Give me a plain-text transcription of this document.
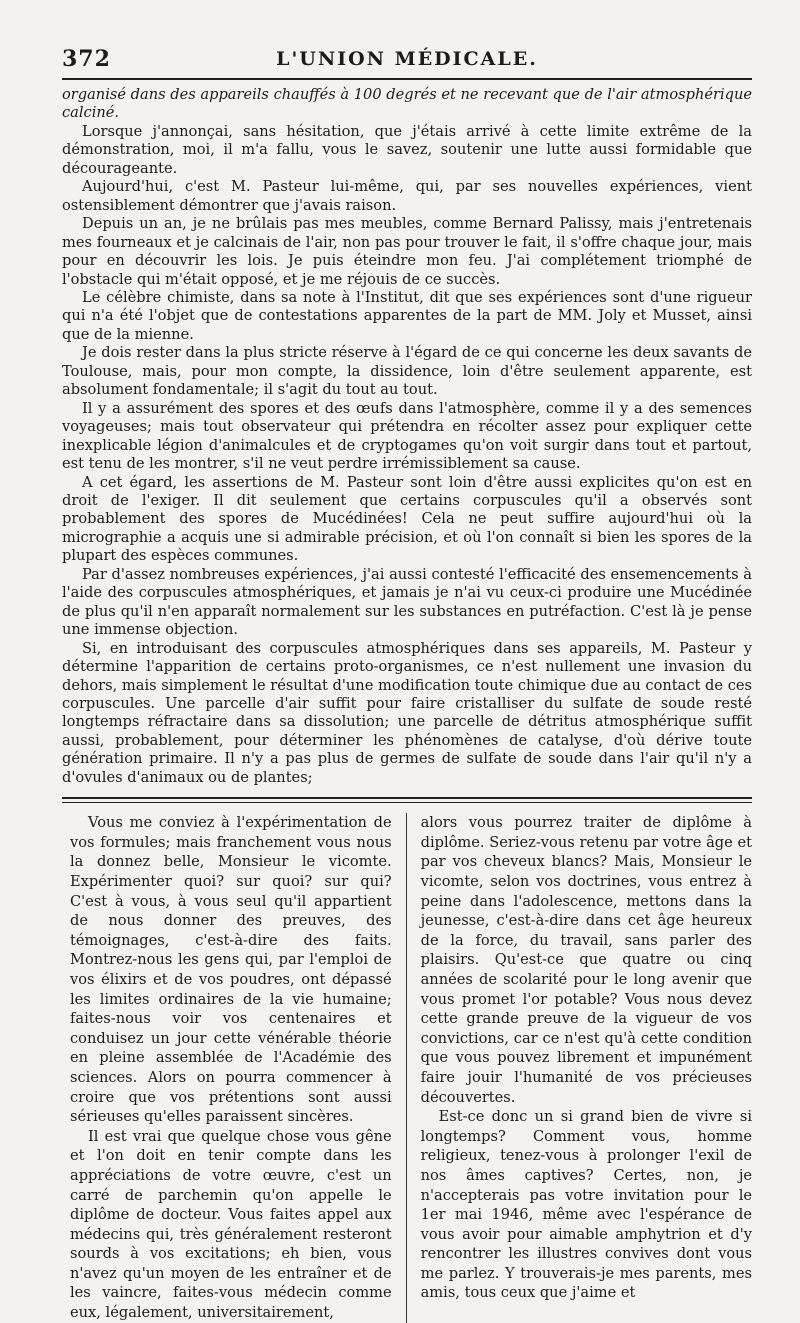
372	L'UNION MÉDICALE.

organisé dans des appareils chauffés à 100 degrés et ne recevant que de l'air atmosphérique calciné.

Lorsque j'annonçai, sans hésitation, que j'étais arrivé à cette limite extrême de la démonstration, moi, il m'a fallu, vous le savez, soutenir une lutte aussi formidable que décourageante.

Aujourd'hui, c'est M. Pasteur lui-même, qui, par ses nouvelles expériences, vient ostensiblement démontrer que j'avais raison.

Depuis un an, je ne brûlais pas mes meubles, comme Bernard Palissy, mais j'entretenais mes fourneaux et je calcinais de l'air, non pas pour trouver le fait, il s'offre chaque jour, mais pour en découvrir les lois. Je puis éteindre mon feu. J'ai complétement triomphé de l'obstacle qui m'était opposé, et je me réjouis de ce succès.

Le célèbre chimiste, dans sa note à l'Institut, dit que ses expériences sont d'une rigueur qui n'a été l'objet que de contestations apparentes de la part de MM. Joly et Musset, ainsi que de la mienne.

Je dois rester dans la plus stricte réserve à l'égard de ce qui concerne les deux savants de Toulouse, mais, pour mon compte, la dissidence, loin d'être seulement apparente, est absolument fondamentale; il s'agit du tout au tout.

Il y a assurément des spores et des œufs dans l'atmosphère, comme il y a des semences voyageuses; mais tout observateur qui prétendra en récolter assez pour expliquer cette inexplicable légion d'animalcules et de cryptogames qu'on voit surgir dans tout et partout, est tenu de les montrer, s'il ne veut perdre irrémissiblement sa cause.

A cet égard, les assertions de M. Pasteur sont loin d'être aussi explicites qu'on est en droit de l'exiger. Il dit seulement que certains corpuscules qu'il a observés sont probablement des spores de Mucédinées! Cela ne peut suffire aujourd'hui où la micrographie a acquis une si admirable précision, et où l'on connaît si bien les spores de la plupart des espèces communes.

Par d'assez nombreuses expériences, j'ai aussi contesté l'efficacité des ensemencements à l'aide des corpuscules atmosphériques, et jamais je n'ai vu ceux-ci produire une Mucédinée de plus qu'il n'en apparaît normalement sur les substances en putréfaction. C'est là je pense une immense objection.

Si, en introduisant des corpuscules atmosphériques dans ses appareils, M. Pasteur y détermine l'apparition de certains proto-organismes, ce n'est nullement une invasion du dehors, mais simplement le résultat d'une modification toute chimique due au contact de ces corpuscules. Une parcelle d'air suffit pour faire cristalliser du sulfate de soude resté longtemps réfractaire dans sa dissolution; une parcelle de détritus atmosphérique suffit aussi, probablement, pour déterminer les phénomènes de catalyse, d'où dérive toute génération primaire. Il n'y a pas plus de germes de sulfate de soude dans l'air qu'il n'y a d'ovules d'animaux ou de plantes;

Vous me conviez à l'expérimentation de vos formules; mais franchement vous nous la donnez belle, Monsieur le vicomte. Expérimenter quoi? sur quoi? sur qui? C'est à vous, à vous seul qu'il appartient de nous donner des preuves, des témoignages, c'est-à-dire des faits. Montrez-nous les gens qui, par l'emploi de vos élixirs et de vos poudres, ont dépassé les limites ordinaires de la vie humaine; faites-nous voir vos centenaires et conduisez un jour cette vénérable théorie en pleine assemblée de l'Académie des sciences. Alors on pourra commencer à croire que vos prétentions sont aussi sérieuses qu'elles paraissent sincères.

Il est vrai que quelque chose vous gêne et l'on doit en tenir compte dans les appréciations de votre œuvre, c'est un carré de parchemin qu'on appelle le diplôme de docteur. Vous faites appel aux médecins qui, très généralement resteront sourds à vos excitations; eh bien, vous n'avez qu'un moyen de les entraîner et de les vaincre, faites-vous médecin comme eux, légalement, universitairement,

alors vous pourrez traiter de diplôme à diplôme. Seriez-vous retenu par votre âge et par vos cheveux blancs? Mais, Monsieur le vicomte, selon vos doctrines, vous entrez à peine dans l'adolescence, mettons dans la jeunesse, c'est-à-dire dans cet âge heureux de la force, du travail, sans parler des plaisirs. Qu'est-ce que quatre ou cinq années de scolarité pour le long avenir que vous promet l'or potable? Vous nous devez cette grande preuve de la vigueur de vos convictions, car ce n'est qu'à cette condition que vous pouvez librement et impunément faire jouir l'humanité de vos précieuses découvertes.

Est-ce donc un si grand bien de vivre si longtemps? Comment vous, homme religieux, tenez-vous à prolonger l'exil de nos âmes captives? Certes, non, je n'accepterais pas votre invitation pour le 1er mai 1946, même avec l'espérance de vous avoir pour aimable amphytrion et d'y rencontrer les illustres convives dont vous me parlez. Y trouverais-je mes parents, mes amis, tous ceux que j'aime et
